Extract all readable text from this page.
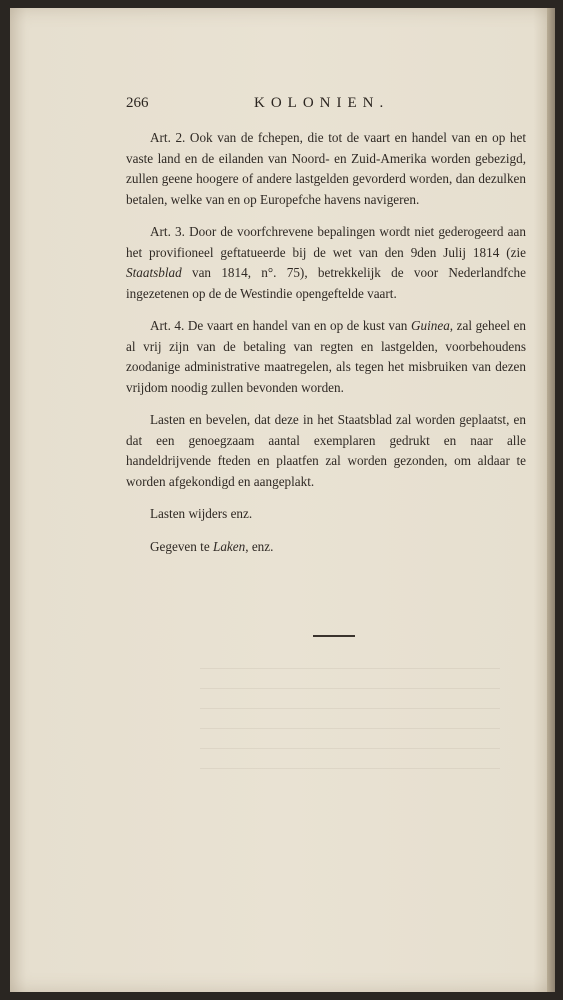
266	KOLONIEN.

Art. 2. Ook van de fchepen, die tot de vaart en handel van en op het vaste land en de eilanden van Noord- en Zuid-Amerika worden gebezigd, zullen geene hoogere of andere lastgelden gevorderd worden, dan dezulken betalen, welke van en op Europefche havens navigeren.

Art. 3. Door de voorfchrevene bepalingen wordt niet gederogeerd aan het provifioneel geftatueerde bij de wet van den 9den Julij 1814 (zie Staatsblad van 1814, n°. 75), betrekkelijk de voor Nederlandfche ingezetenen op de de Westindie opengeftelde vaart.

Art. 4. De vaart en handel van en op de kust van Guinea, zal geheel en al vrij zijn van de betaling van regten en lastgelden, voorbehoudens zoodanige administrative maatregelen, als tegen het misbruiken van dezen vrijdom noodig zullen bevonden worden.

Lasten en bevelen, dat deze in het Staatsblad zal worden geplaatst, en dat een genoegzaam aantal exemplaren gedrukt en naar alle handeldrijvende fteden en plaatfen zal worden gezonden, om aldaar te worden afgekondigd en aangeplakt.

Lasten wijders enz.

Gegeven te Laken, enz.
